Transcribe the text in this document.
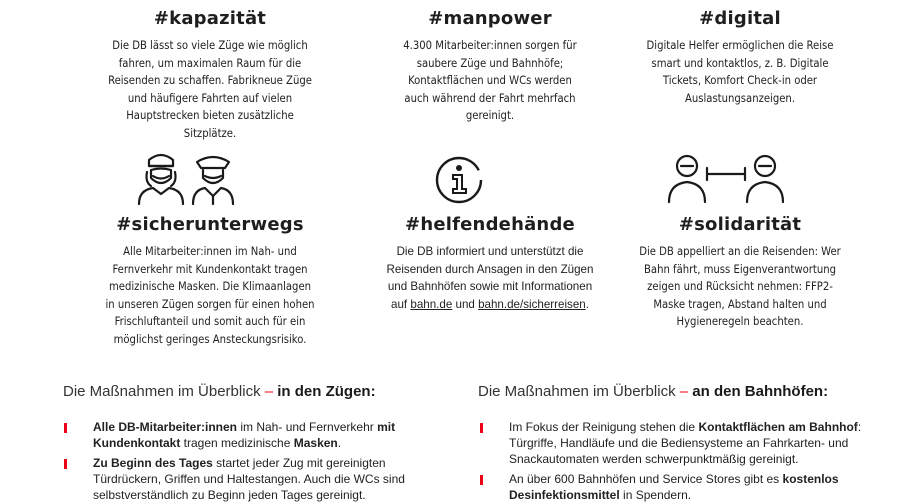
#kapazität
Die DB lässt so viele Züge wie möglich
fahren, um maximalen Raum für die
Reisenden zu schaffen. Fabrikneue Züge
und häufigere Fahrten auf vielen
Hauptstrecken bieten zusätzliche
Sitzplätze.
#manpower
4.300 Mitarbeiter:innen sorgen für
saubere Züge und Bahnhöfe;
Kontaktflächen und WCs werden
auch während der Fahrt mehrfach
gereinigt.
#digital
Digitale Helfer ermöglichen die Reise
smart und kontaktlos, z. B. Digitale
Tickets, Komfort Check-in oder
Auslastungsanzeigen.
#sicherunterwegs
Alle Mitarbeiter:innen im Nah- und
Fernverkehr mit Kundenkontakt tragen
medizinische Masken. Die Klimaanlagen
in unseren Zügen sorgen für einen hohen
Frischluftanteil und somit auch für ein
möglichst geringes Ansteckungsrisiko.
#helfendehände
Die DB informiert und unterstützt die
Reisenden durch Ansagen in den Zügen
und Bahnhöfen sowie mit Informationen
auf bahn.de und bahn.de/sicherreisen.
#solidarität
Die DB appelliert an die Reisenden: Wer
Bahn fährt, muss Eigenverantwortung
zeigen und Rücksicht nehmen: FFP2-
Maske tragen, Abstand halten und
Hygieneregeln beachten.
Die Maßnahmen im Überblick – in den Zügen:	Die Maßnahmen im Überblick – an den Bahnhöfen:
Alle DB-Mitarbeiter:innen im Nah- und Fernverkehr mit
Kundenkontakt tragen medizinische Masken.
Zu Beginn des Tages startet jeder Zug mit gereinigten
Türdrückern, Griffen und Haltestangen. Auch die WCs sind
selbstverständlich zu Beginn jeden Tages gereinigt.
Im Fokus der Reinigung stehen die Kontaktflächen am Bahnhof:
Türgriffe, Handläufe und die Bediensysteme an Fahrkarten- und
Snackautomaten werden schwerpunktmäßig gereinigt.
An über 600 Bahnhöfen und Service Stores gibt es kostenlos
Desinfektionsmittel in Spendern.
